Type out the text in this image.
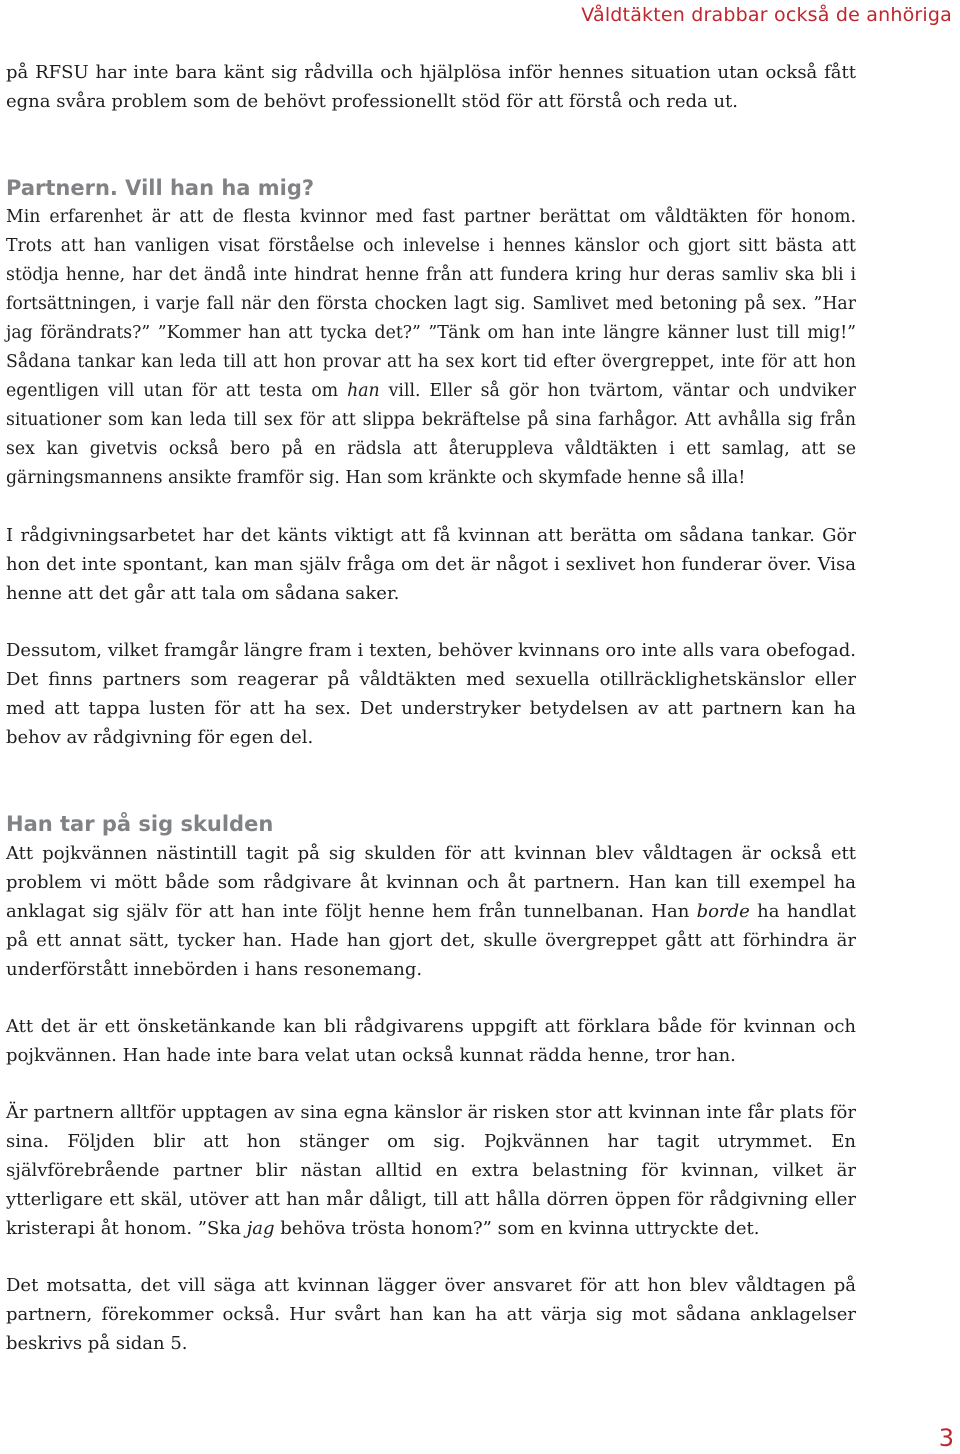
Våldtäkten drabbar också de anhöriga

på RFSU har inte bara känt sig rådvilla och hjälplösa inför hennes situation utan också fått egna svåra problem som de behövt professionellt stöd för att förstå och reda ut.

Partnern. Vill han ha mig?

Min erfarenhet är att de flesta kvinnor med fast partner berättat om våldtäkten för honom. Trots att han vanligen visat förståelse och inlevelse i hennes känslor och gjort sitt bästa att stödja henne, har det ändå inte hindrat henne från att fundera kring hur deras samliv ska bli i fortsättningen, i varje fall när den första chocken lagt sig. Samlivet med betoning på sex. ”Har jag förändrats?” ”Kommer han att tycka det?” ”Tänk om han inte längre känner lust till mig!” Sådana tankar kan leda till att hon provar att ha sex kort tid efter övergreppet, inte för att hon egentligen vill utan för att testa om han vill. Eller så gör hon tvärtom, väntar och undviker situationer som kan leda till sex för att slippa bekräftelse på sina farhågor. Att avhålla sig från sex kan givetvis också bero på en rädsla att återuppleva våldtäkten i ett samlag, att se gärningsmannens ansikte framför sig. Han som kränkte och skymfade henne så illa!

I rådgivningsarbetet har det känts viktigt att få kvinnan att berätta om sådana tankar. Gör hon det inte spontant, kan man själv fråga om det är något i sexlivet hon funderar över. Visa henne att det går att tala om sådana saker.

Dessutom, vilket framgår längre fram i texten, behöver kvinnans oro inte alls vara obefogad. Det finns partners som reagerar på våldtäkten med sexuella otillräcklighetskänslor eller med att tappa lusten för att ha sex. Det understryker betydelsen av att partnern kan ha behov av rådgivning för egen del.

Han tar på sig skulden

Att pojkvännen nästintill tagit på sig skulden för att kvinnan blev våldtagen är också ett problem vi mött både som rådgivare åt kvinnan och åt partnern. Han kan till exempel ha anklagat sig själv för att han inte följt henne hem från tunnelbanan. Han borde ha handlat på ett annat sätt, tycker han. Hade han gjort det, skulle övergreppet gått att förhindra är underförstått innebörden i hans resonemang.

Att det är ett önsketänkande kan bli rådgivarens uppgift att förklara både för kvinnan och pojkvännen. Han hade inte bara velat utan också kunnat rädda henne, tror han.

Är partnern alltför upptagen av sina egna känslor är risken stor att kvinnan inte får plats för sina. Följden blir att hon stänger om sig. Pojkvännen har tagit utrymmet. En självförebrående partner blir nästan alltid en extra belastning för kvinnan, vilket är ytterligare ett skäl, utöver att han mår dåligt, till att hålla dörren öppen för rådgivning eller kristerapi åt honom. ”Ska jag behöva trösta honom?” som en kvinna uttryckte det.

Det motsatta, det vill säga att kvinnan lägger över ansvaret för att hon blev våldtagen på partnern, förekommer också. Hur svårt han kan ha att värja sig mot sådana anklagelser beskrivs på sidan 5.

3
